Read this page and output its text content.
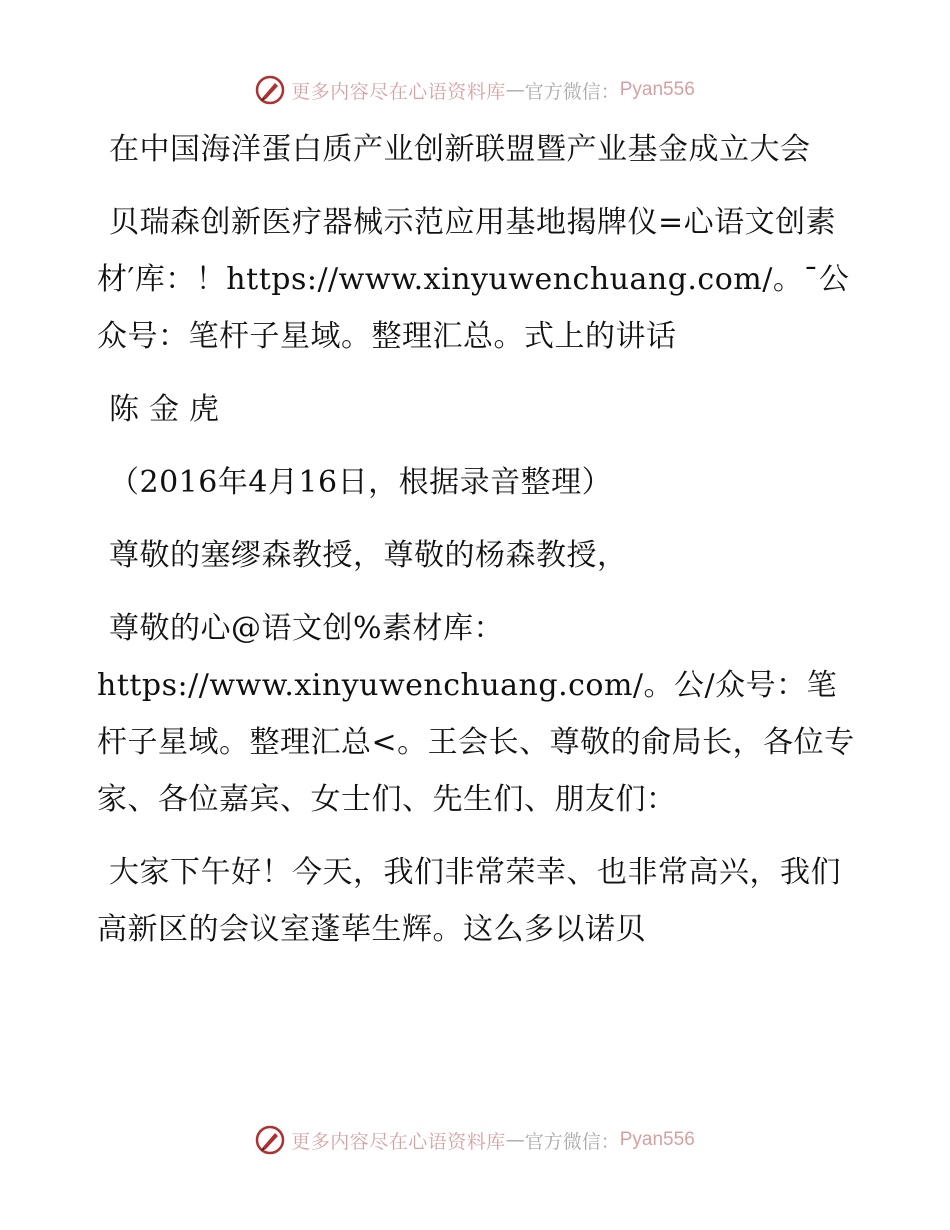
更多内容尽在心语资料库 — 官方微信： Pyan556

在中国海洋蛋白质产业创新联盟暨产业基金成立大会

贝瑞森创新医疗器械示范应用基地揭牌仪=心语文创素材′库：！https://www.xinyuwenchuang.com/。¯公众号：笔杆子星域。整理汇总。式上的讲话

陈金虎

（2016年4月16日，根据录音整理）

尊敬的塞缪森教授，尊敬的杨森教授，

尊敬的心@语文创%素材库：https://www.xinyuwenchuang.com/。公/众号：笔杆子星域。整理汇总<。王会长、尊敬的俞局长，各位专家、各位嘉宾、女士们、先生们、朋友们：

大家下午好！今天，我们非常荣幸、也非常高兴，我们高新区的会议室蓬荜生辉。这么多以诺贝

更多内容尽在心语资料库 — 官方微信： Pyan556
